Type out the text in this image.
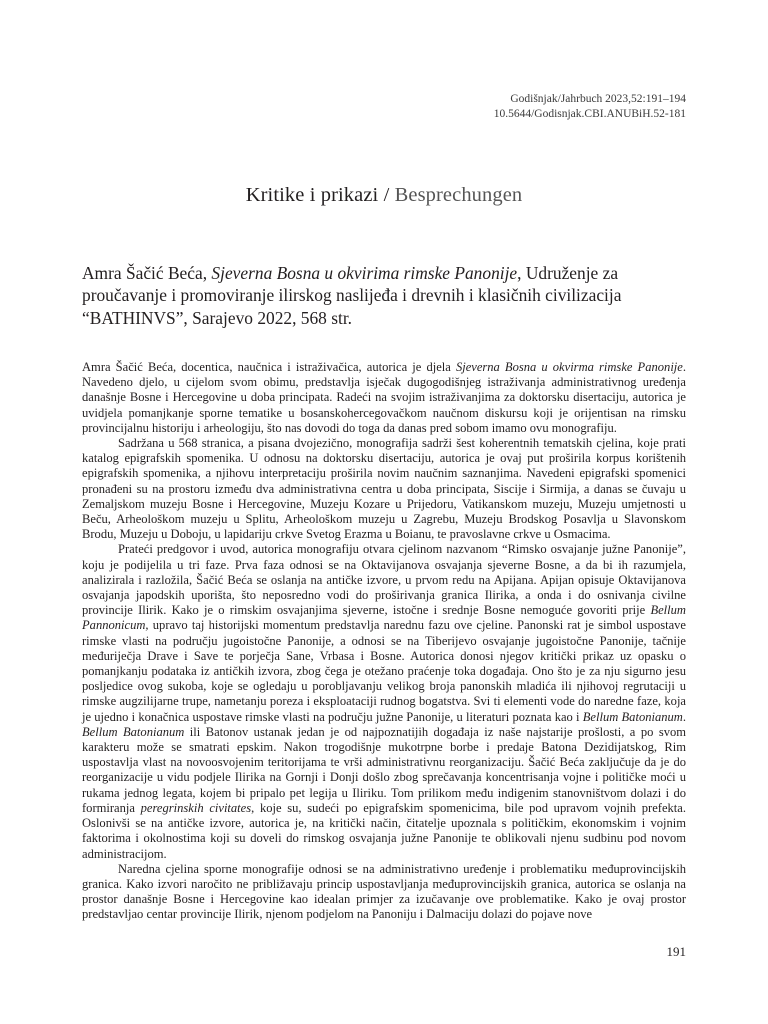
Godišnjak/Jahrbuch 2023,52:191–194
10.5644/Godisnjak.CBI.ANUBiH.52-181
Kritike i prikazi / Besprechungen
Amra Šačić Beća, Sjeverna Bosna u okvirima rimske Panonije, Udruženje za proučavanje i promoviranje ilirskog naslijeđa i drevnih i klasičnih civilizacija “BATHINVS”, Sarajevo 2022, 568 str.

Amra Šačić Beća, docentica, naučnica i istraživačica, autorica je djela Sjeverna Bosna u okvirma rimske Panonije. Navedeno djelo, u cijelom svom obimu, predstavlja isječak dugogodišnjeg istraživanja administrativnog uređenja današnje Bosne i Hercegovine u doba principata. Radeći na svojim istraživanjima za doktorsku disertaciju, autorica je uvidjela pomanjkanje sporne tematike u bosanskohercegovačkom naučnom diskursu koji je orijentisan na rimsku provincijalnu historiju i arheologiju, što nas dovodi do toga da danas pred sobom imamo ovu monografiju.

Sadržana u 568 stranica, a pisana dvojezično, monografija sadrži šest koherentnih tematskih cjelina, koje prati katalog epigrafskih spomenika. U odnosu na doktorsku disertaciju, autorica je ovaj put proširila korpus korištenih epigrafskih spomenika, a njihovu interpretaciju proširila novim naučnim saznanjima. Navedeni epigrafski spomenici pronađeni su na prostoru između dva administrativna centra u doba principata, Siscije i Sirmija, a danas se čuvaju u Zemaljskom muzeju Bosne i Hercegovine, Muzeju Kozare u Prijedoru, Vatikanskom muzeju, Muzeju umjetnosti u Beču, Arheološkom muzeju u Splitu, Arheološkom muzeju u Zagrebu, Muzeju Brodskog Posavlja u Slavonskom Brodu, Muzeju u Doboju, u lapidariju crkve Svetog Erazma u Boianu, te pravoslavne crkve u Osmacima.

Prateći predgovor i uvod, autorica monografiju otvara cjelinom nazvanom “Rimsko osvajanje južne Panonije”, koju je podijelila u tri faze. Prva faza odnosi se na Oktavijanova osvajanja sjeverne Bosne, a da bi ih razumjela, analizirala i razložila, Šačić Beća se oslanja na antičke izvore, u prvom redu na Apijana. Apijan opisuje Oktavijanova osvajanja japodskih uporišta, što neposredno vodi do proširivanja granica Ilirika, a onda i do osnivanja civilne provincije Ilirik. Kako je o rimskim osvajanjima sjeverne, istočne i srednje Bosne nemoguće govoriti prije Bellum Pannonicum, upravo taj historijski momentum predstavlja narednu fazu ove cjeline. Panonski rat je simbol uspostave rimske vlasti na području jugoistočne Panonije, a odnosi se na Tiberijevo osvajanje jugoistočne Panonije, tačnije međuriječja Drave i Save te porječja Sane, Vrbasa i Bosne. Autorica donosi njegov kritički prikaz uz opasku o pomanjkanju podataka iz antičkih izvora, zbog čega je otežano praćenje toka događaja. Ono što je za nju sigurno jesu posljedice ovog sukoba, koje se ogledaju u porobljavanju velikog broja panonskih mladića ili njihovoj regrutaciji u rimske augzilijarne trupe, nametanju poreza i eksploataciji rudnog bogatstva. Svi ti elementi vode do naredne faze, koja je ujedno i konačnica uspostave rimske vlasti na području južne Panonije, u literaturi poznata kao i Bellum Batonianum. Bellum Batonianum ili Batonov ustanak jedan je od najpoznatijih događaja iz naše najstarije prošlosti, a po svom karakteru može se smatrati epskim. Nakon trogodišnje mukotrpne borbe i predaje Batona Dezidijatskog, Rim uspostavlja vlast na novoosvojenim teritorijama te vrši administrativnu reorganizaciju. Šačić Beća zaključuje da je do reorganizacije u vidu podjele Ilirika na Gornji i Donji došlo zbog sprečavanja koncentrisanja vojne i političke moći u rukama jednog legata, kojem bi pripalo pet legija u Iliriku. Tom prilikom među indigenim stanovništvom dolazi i do formiranja peregrinskih civitates, koje su, sudeći po epigrafskim spomenicima, bile pod upravom vojnih prefekta. Oslonivši se na antičke izvore, autorica je, na kritički način, čitatelje upoznala s političkim, ekonomskim i vojnim faktorima i okolnostima koji su doveli do rimskog osvajanja južne Panonije te oblikovali njenu sudbinu pod novom administracijom.

Naredna cjelina sporne monografije odnosi se na administrativno uređenje i problematiku međuprovincijskih granica. Kako izvori naročito ne približavaju princip uspostavljanja međuprovincijskih granica, autorica se oslanja na prostor današnje Bosne i Hercegovine kao idealan primjer za izučavanje ove problematike. Kako je ovaj prostor predstavljao centar provincije Ilirik, njenom podjelom na Panoniju i Dalmaciju dolazi do pojave nove

191
